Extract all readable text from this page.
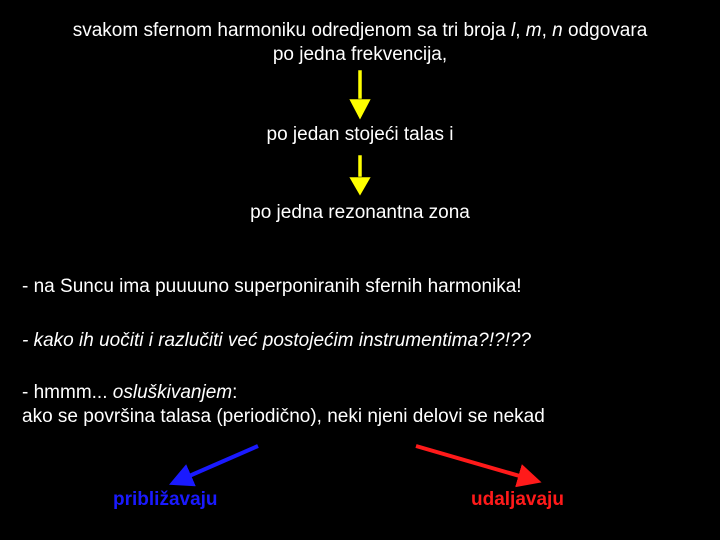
svakom sfernom harmoniku odredjenom sa tri broja l, m, n odgovara
po jedna frekvencija,
po jedan stojeći talas i
po jedna rezonantna zona
- na Suncu ima puuuuno superponiranih sfernih harmonika!
- kako ih uočiti i razlučiti već postojećim instrumentima?!?!??
- hmmm... osluškivanjem:
ako se površina talasa (periodično), neki njeni delovi se nekad
približavaju	udaljavaju
